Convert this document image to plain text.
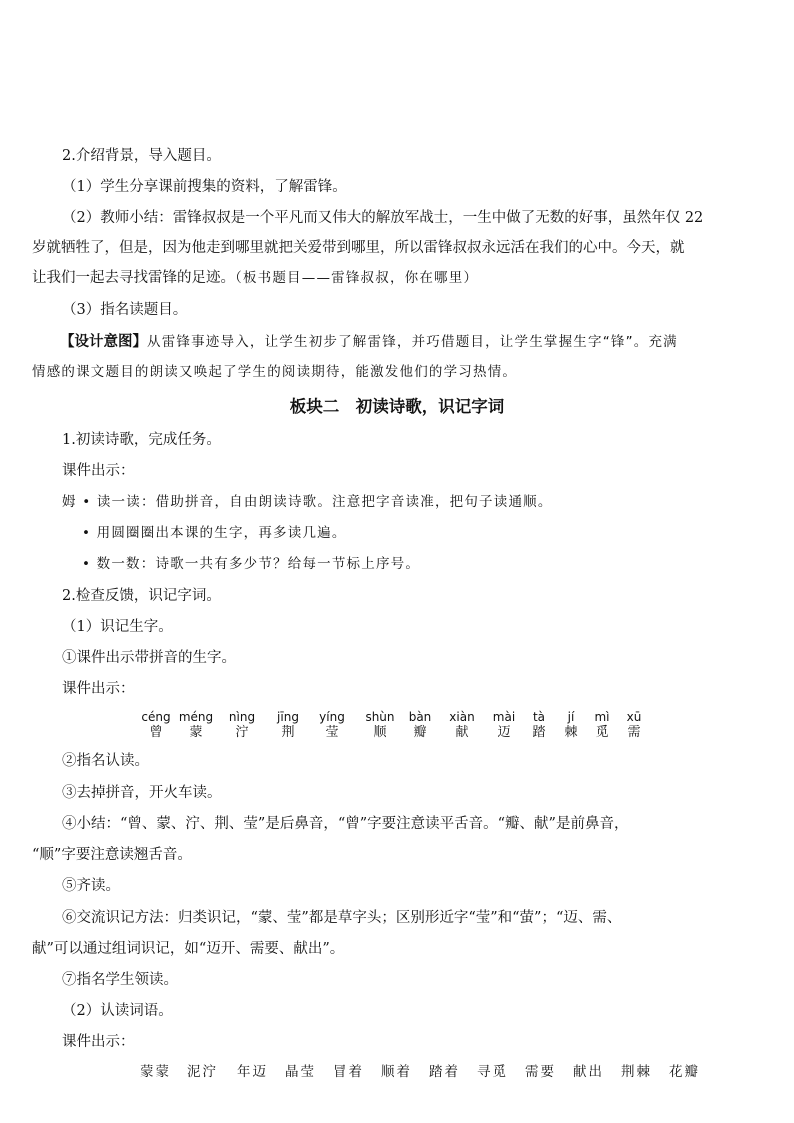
2.介绍背景，导入题目。
（1）学生分享课前搜集的资料，了解雷锋。
（2）教师小结：雷锋叔叔是一个平凡而又伟大的解放军战士，一生中做了无数的好事，虽然年仅 22
岁就牺牲了，但是，因为他走到哪里就把关爱带到哪里，所以雷锋叔叔永远活在我们的心中。今天，就
让我们一起去寻找雷锋的足迹。（板书题目——雷锋叔叔，你在哪里）
（3）指名读题目。
【设计意图】从雷锋事迹导入，让学生初步了解雷锋，并巧借题目，让学生掌握生字“锋”。充满
情感的课文题目的朗读又唤起了学生的阅读期待，能激发他们的学习热情。
板块二　初读诗歌，识记字词
1.初读诗歌，完成任务。
课件出示：
姆 • 读一读：借助拼音，自由朗读诗歌。注意把字音读准，把句子读通顺。
• 用圆圈圈出本课的生字，再多读几遍。
• 数一数：诗歌一共有多少节？给每一节标上序号。
2.检查反馈，识记字词。
（1）识记生字。
①课件出示带拼音的生字。
课件出示：
céng
曾
méng
蒙
nìng
泞
jīng
荆
yíng
莹
shùn
顺
bàn
瓣
xiàn
献
mài
迈
tà
踏
jí
棘
mì
觅
xū
需
②指名认读。
③去掉拼音，开火车读。
④小结：“曾、蒙、泞、荆、莹”是后鼻音，“曾”字要注意读平舌音。“瓣、献”是前鼻音，
“顺”字要注意读翘舌音。
⑤齐读。
⑥交流识记方法：归类识记，“蒙、莹”都是草字头；区别形近字“莹”和“萤”；“迈、需、
献”可以通过组词识记，如“迈开、需要、献出”。
⑦指名学生领读。
（2）认读词语。
课件出示：
蒙蒙 泥泞 年迈 晶莹 冒着 顺着 踏着 寻觅 需要 献出 荆棘 花瓣
